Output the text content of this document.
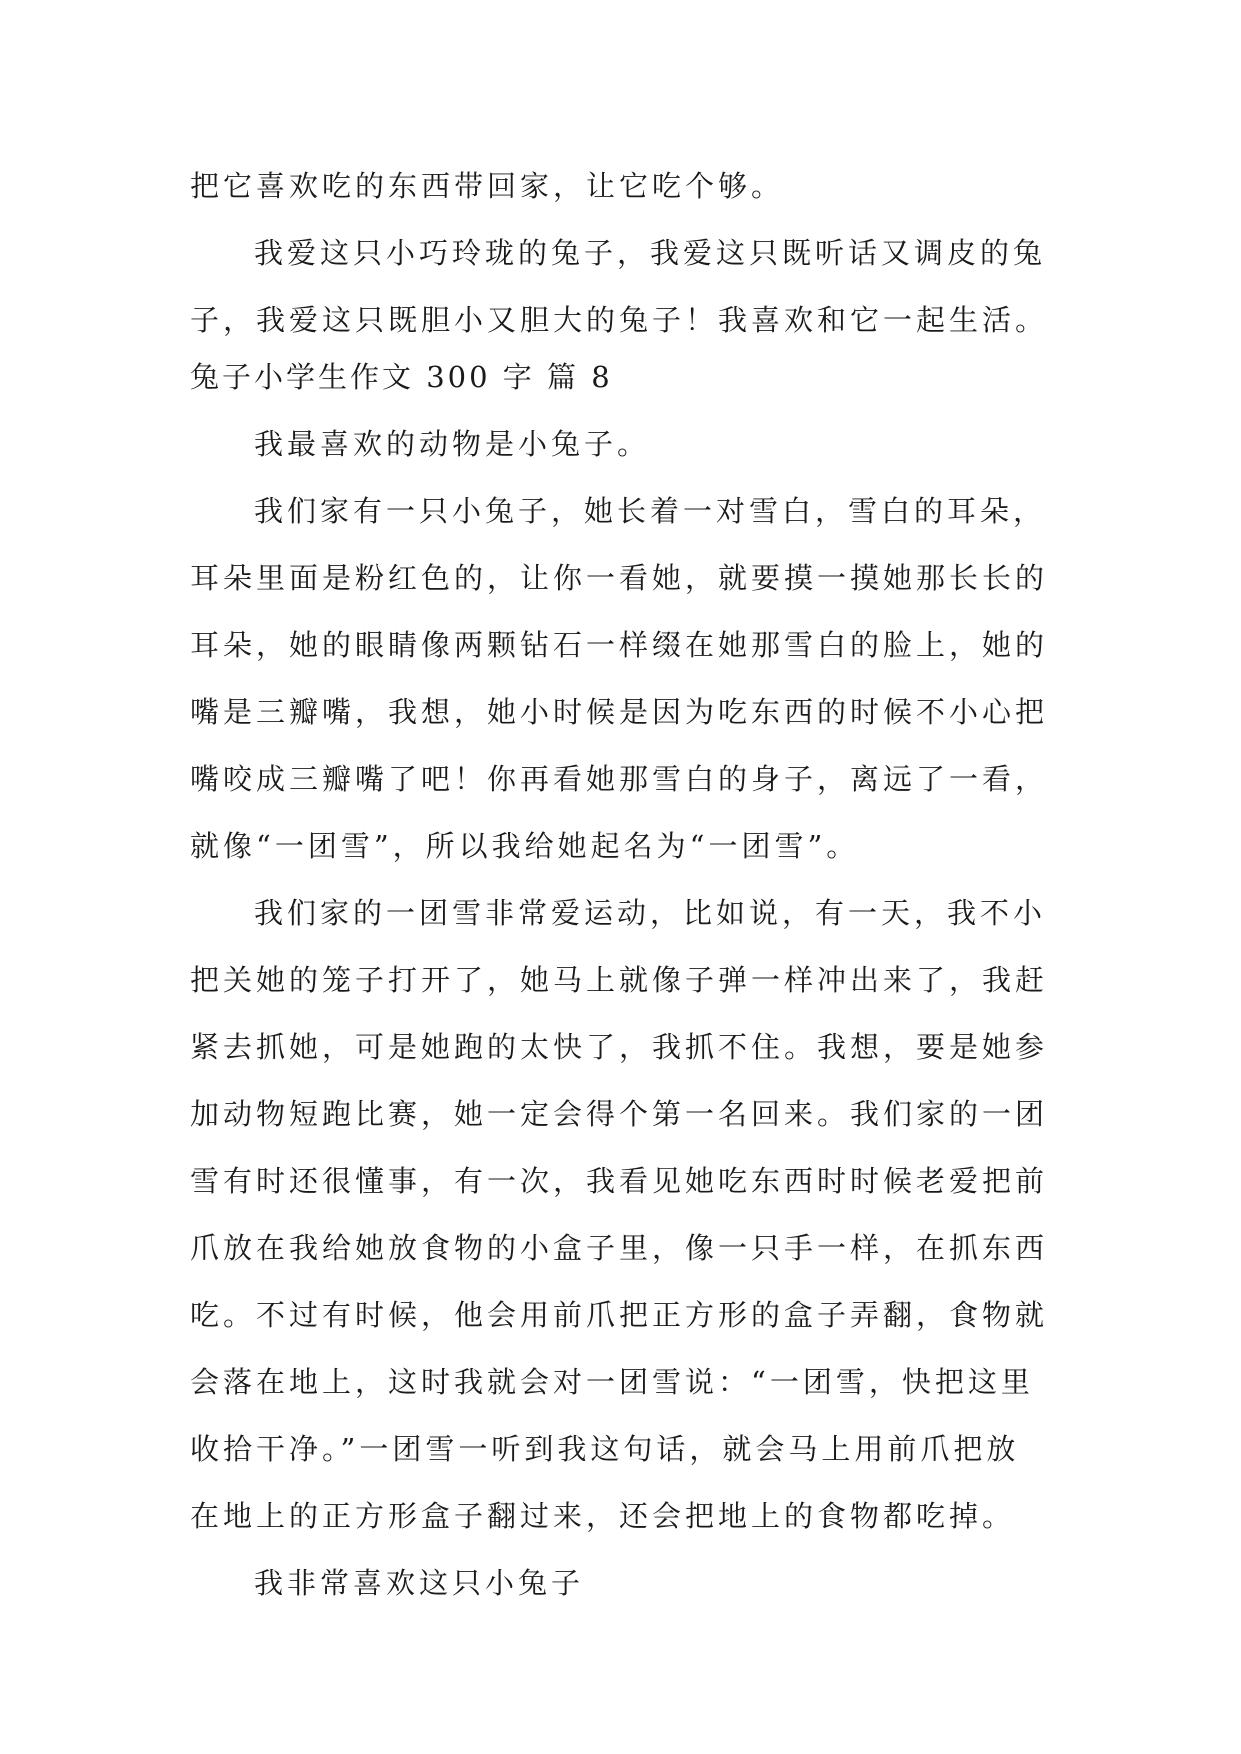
把它喜欢吃的东西带回家，让它吃个够。
我爱这只小巧玲珑的兔子，我爱这只既听话又调皮的兔
子，我爱这只既胆小又胆大的兔子！我喜欢和它一起生活。
兔子小学生作文 300 字 篇 8
我最喜欢的动物是小兔子。
我们家有一只小兔子，她长着一对雪白，雪白的耳朵，
耳朵里面是粉红色的，让你一看她，就要摸一摸她那长长的
耳朵，她的眼睛像两颗钻石一样缀在她那雪白的脸上，她的
嘴是三瓣嘴，我想，她小时候是因为吃东西的时候不小心把
嘴咬成三瓣嘴了吧！你再看她那雪白的身子，离远了一看，
就像“一团雪”，所以我给她起名为“一团雪”。
我们家的一团雪非常爱运动，比如说，有一天，我不小
把关她的笼子打开了，她马上就像子弹一样冲出来了，我赶
紧去抓她，可是她跑的太快了，我抓不住。我想，要是她参
加动物短跑比赛，她一定会得个第一名回来。我们家的一团
雪有时还很懂事，有一次，我看见她吃东西时时候老爱把前
爪放在我给她放食物的小盒子里，像一只手一样，在抓东西
吃。不过有时候，他会用前爪把正方形的盒子弄翻，食物就
会落在地上，这时我就会对一团雪说：“一团雪，快把这里
收拾干净。”一团雪一听到我这句话，就会马上用前爪把放
在地上的正方形盒子翻过来，还会把地上的食物都吃掉。
我非常喜欢这只小兔子
